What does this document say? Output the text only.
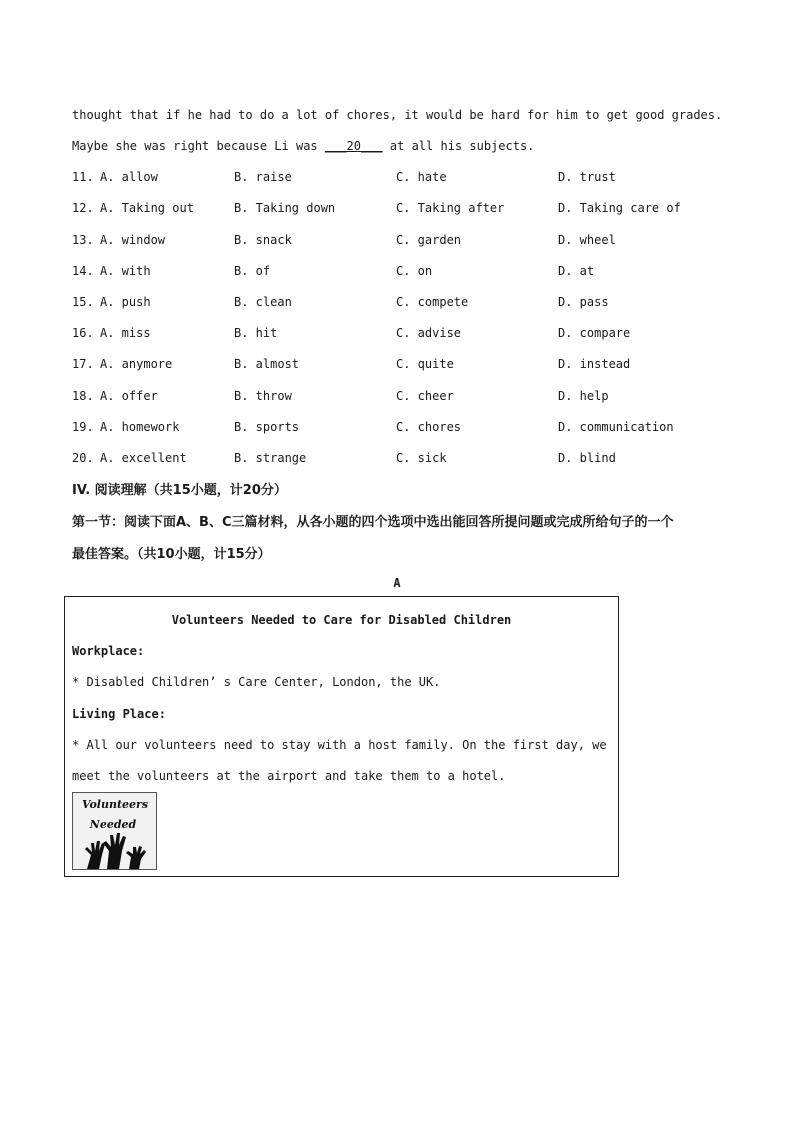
thought that if he had to do a lot of chores, it would be hard for him to get good grades.
Maybe she was right because Li was ___20___ at all his subjects.
11. A. allow	B. raise	C. hate	D. trust
12. A. Taking out	B. Taking down	C. Taking after	D. Taking care of
13. A. window	B. snack	C. garden	D. wheel
14. A. with	B. of	C. on	D. at
15. A. push	B. clean	C. compete	D. pass
16. A. miss	B. hit	C. advise	D. compare
17. A. anymore	B. almost	C. quite	D. instead
18. A. offer	B. throw	C. cheer	D. help
19. A. homework	B. sports	C. chores	D. communication
20. A. excellent	B. strange	C. sick	D. blind
IV. 阅读理解（共15小题，计20分）
第一节：阅读下面A、B、C三篇材料，从各小题的四个选项中选出能回答所提问题或完成所给句子的一个
最佳答案。（共10小题，计15分）
A
Volunteers Needed to Care for Disabled Children
Workplace:
* Disabled Children’ s Care Center, London, the UK.
Living Place:
* All our volunteers need to stay with a host family. On the first day, we
meet the volunteers at the airport and take them to a hotel.
Volunteers
Needed
